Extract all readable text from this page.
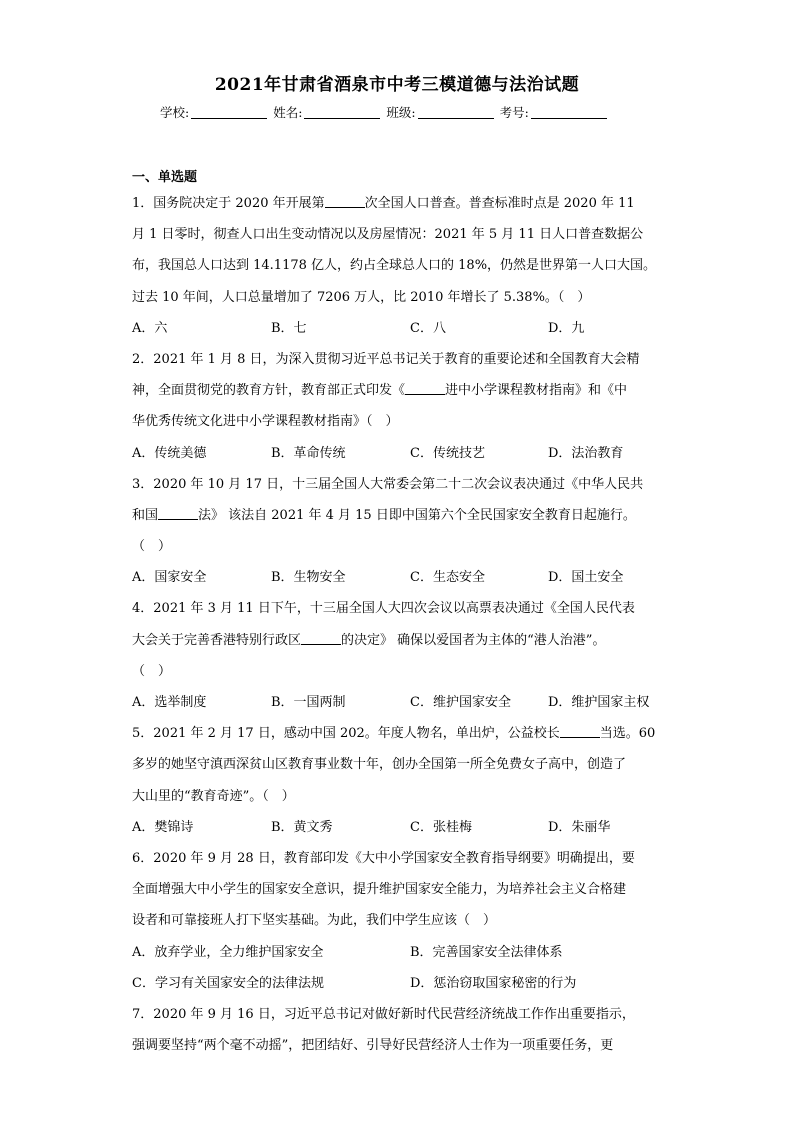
2021年甘肃省酒泉市中考三模道德与法治试题
学校:	姓名:	班级:	考号:
一、单选题
1．国务院决定于 2020 年开展第	次全国人口普查。普查标准时点是 2020 年 11
月 1 日零时，彻查人口出生变动情况以及房屋情况：2021 年 5 月 11 日人口普查数据公
布，我国总人口达到 14.1178 亿人，约占全球总人口的 18%，仍然是世界第一人口大国。
过去 10 年间，人口总量增加了 7206 万人，比 2010 年增长了 5.38%。（　）
A．六	B．七	C．八	D．九
2．2021 年 1 月 8 日，为深入贯彻习近平总书记关于教育的重要论述和全国教育大会精
神，全面贯彻党的教育方针，教育部正式印发《	进中小学课程教材指南》和《中
华优秀传统文化进中小学课程教材指南》（　）
A．传统美德	B．革命传统	C．传统技艺	D．法治教育
3．2020 年 10 月 17 日，十三届全国人大常委会第二十二次会议表决通过《中华人民共
和国	法》 该法自 2021 年 4 月 15 日即中国第六个全民国家安全教育日起施行。
（　）
A．国家安全	B．生物安全	C．生态安全	D．国土安全
4．2021 年 3 月 11 日下午，十三届全国人大四次会议以高票表决通过《全国人民代表
大会关于完善香港特别行政区	的决定》 确保以爱国者为主体的“港人治港”。
（　）
A．选举制度	B．一国两制	C．维护国家安全	D．维护国家主权
5．2021 年 2 月 17 日，感动中国 202。年度人物名，单出炉，公益校长	当选。60
多岁的她坚守滇西深贫山区教育事业数十年，创办全国第一所全免费女子高中，创造了
大山里的“教育奇迹”。（　）
A．樊锦诗	B．黄文秀	C．张桂梅	D．朱丽华
6．2020 年 9 月 28 日，教育部印发《大中小学国家安全教育指导纲要》明确提出，要
全面增强大中小学生的国家安全意识，提升维护国家安全能力，为培养社会主义合格建
设者和可靠接班人打下坚实基础。为此，我们中学生应该（　）
A．放弃学业，全力维护国家安全	B．完善国家安全法律体系
C．学习有关国家安全的法律法规	D．惩治窃取国家秘密的行为
7．2020 年 9 月 16 日，习近平总书记对做好新时代民营经济统战工作作出重要指示，
强调要坚持“两个毫不动摇”，把团结好、引导好民营经济人士作为一项重要任务，更
